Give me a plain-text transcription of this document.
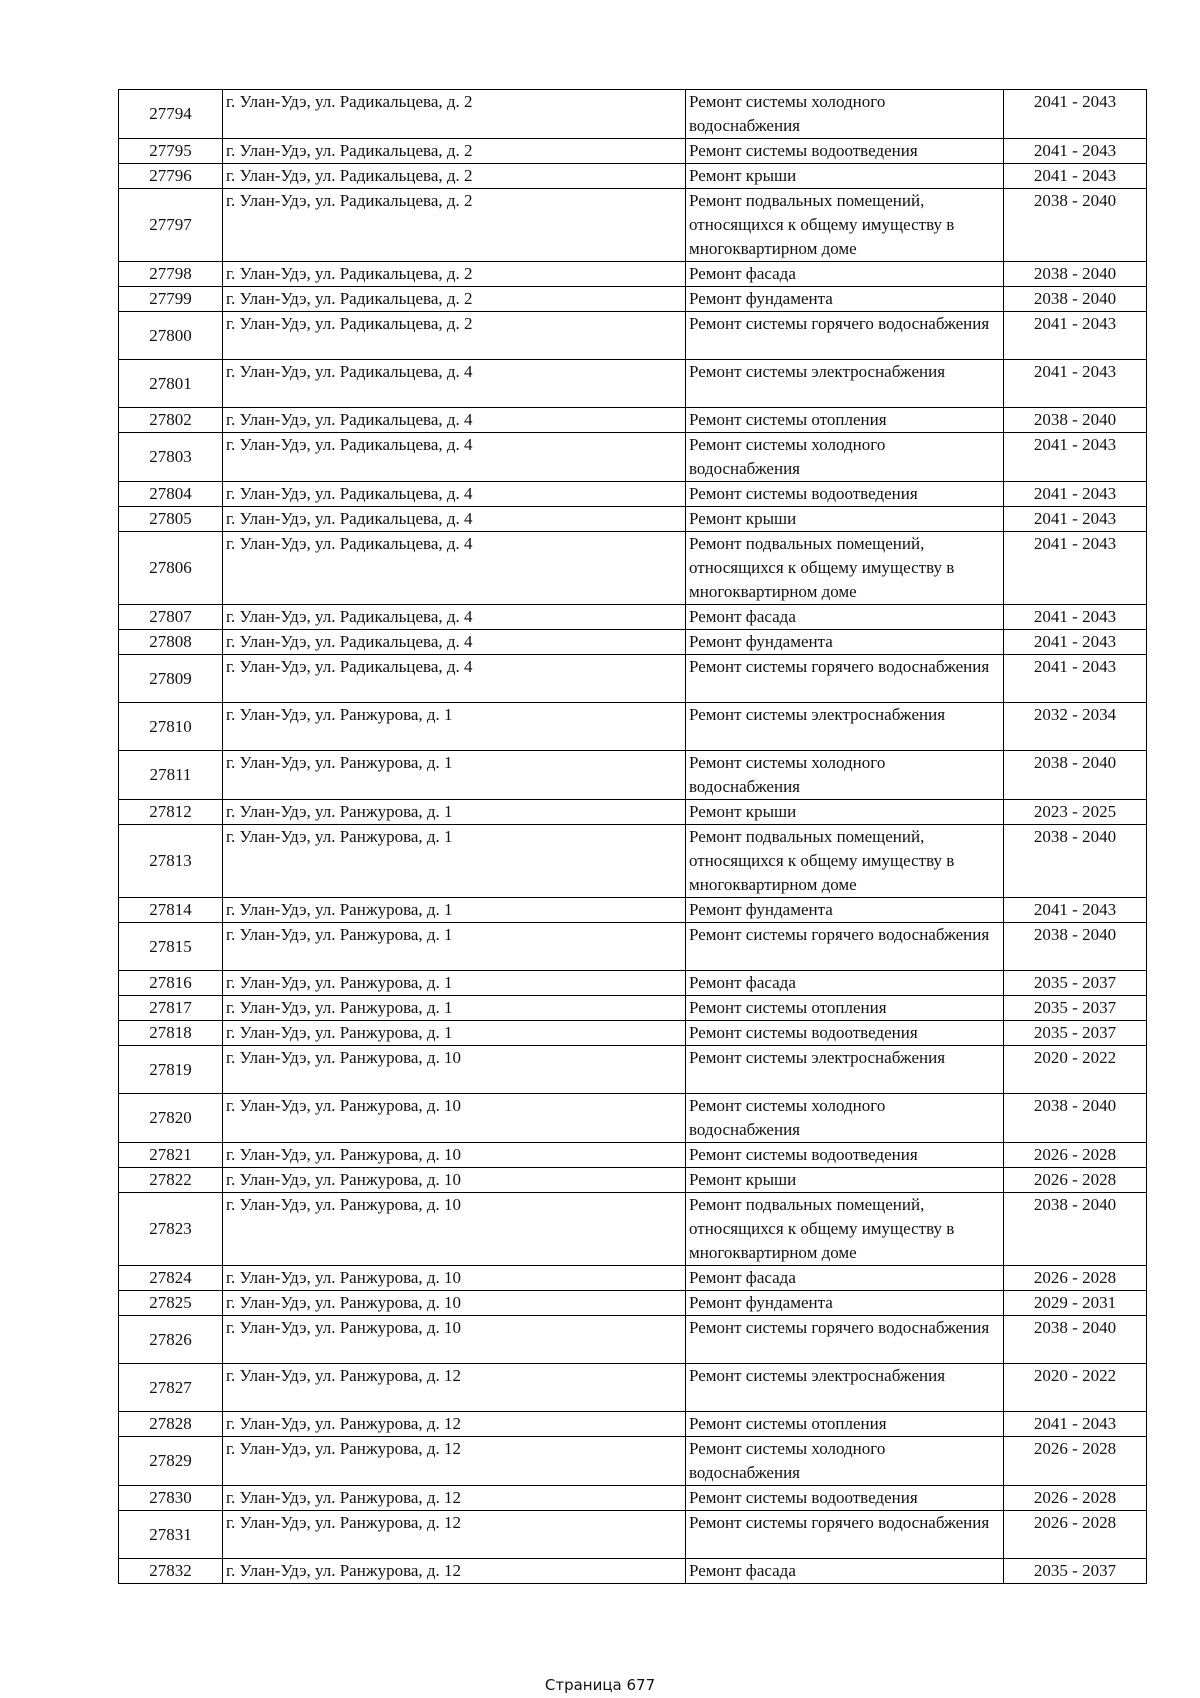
27794	г. Улан-Удэ, ул. Радикальцева, д. 2	Ремонт системы холодного водоснабжения	2041 - 2043
27795	г. Улан-Удэ, ул. Радикальцева, д. 2	Ремонт системы водоотведения	2041 - 2043
27796	г. Улан-Удэ, ул. Радикальцева, д. 2	Ремонт крыши	2041 - 2043
27797	г. Улан-Удэ, ул. Радикальцева, д. 2	Ремонт подвальных помещений, относящихся к общему имуществу в многоквартирном доме	2038 - 2040
27798	г. Улан-Удэ, ул. Радикальцева, д. 2	Ремонт фасада	2038 - 2040
27799	г. Улан-Удэ, ул. Радикальцева, д. 2	Ремонт фундамента	2038 - 2040
27800	г. Улан-Удэ, ул. Радикальцева, д. 2	Ремонт системы горячего водоснабжения	2041 - 2043
27801	г. Улан-Удэ, ул. Радикальцева, д. 4	Ремонт системы электроснабжения	2041 - 2043
27802	г. Улан-Удэ, ул. Радикальцева, д. 4	Ремонт системы отопления	2038 - 2040
27803	г. Улан-Удэ, ул. Радикальцева, д. 4	Ремонт системы холодного водоснабжения	2041 - 2043
27804	г. Улан-Удэ, ул. Радикальцева, д. 4	Ремонт системы водоотведения	2041 - 2043
27805	г. Улан-Удэ, ул. Радикальцева, д. 4	Ремонт крыши	2041 - 2043
27806	г. Улан-Удэ, ул. Радикальцева, д. 4	Ремонт подвальных помещений, относящихся к общему имуществу в многоквартирном доме	2041 - 2043
27807	г. Улан-Удэ, ул. Радикальцева, д. 4	Ремонт фасада	2041 - 2043
27808	г. Улан-Удэ, ул. Радикальцева, д. 4	Ремонт фундамента	2041 - 2043
27809	г. Улан-Удэ, ул. Радикальцева, д. 4	Ремонт системы горячего водоснабжения	2041 - 2043
27810	г. Улан-Удэ, ул. Ранжурова, д. 1	Ремонт системы электроснабжения	2032 - 2034
27811	г. Улан-Удэ, ул. Ранжурова, д. 1	Ремонт системы холодного водоснабжения	2038 - 2040
27812	г. Улан-Удэ, ул. Ранжурова, д. 1	Ремонт крыши	2023 - 2025
27813	г. Улан-Удэ, ул. Ранжурова, д. 1	Ремонт подвальных помещений, относящихся к общему имуществу в многоквартирном доме	2038 - 2040
27814	г. Улан-Удэ, ул. Ранжурова, д. 1	Ремонт фундамента	2041 - 2043
27815	г. Улан-Удэ, ул. Ранжурова, д. 1	Ремонт системы горячего водоснабжения	2038 - 2040
27816	г. Улан-Удэ, ул. Ранжурова, д. 1	Ремонт фасада	2035 - 2037
27817	г. Улан-Удэ, ул. Ранжурова, д. 1	Ремонт системы отопления	2035 - 2037
27818	г. Улан-Удэ, ул. Ранжурова, д. 1	Ремонт системы водоотведения	2035 - 2037
27819	г. Улан-Удэ, ул. Ранжурова, д. 10	Ремонт системы электроснабжения	2020 - 2022
27820	г. Улан-Удэ, ул. Ранжурова, д. 10	Ремонт системы холодного водоснабжения	2038 - 2040
27821	г. Улан-Удэ, ул. Ранжурова, д. 10	Ремонт системы водоотведения	2026 - 2028
27822	г. Улан-Удэ, ул. Ранжурова, д. 10	Ремонт крыши	2026 - 2028
27823	г. Улан-Удэ, ул. Ранжурова, д. 10	Ремонт подвальных помещений, относящихся к общему имуществу в многоквартирном доме	2038 - 2040
27824	г. Улан-Удэ, ул. Ранжурова, д. 10	Ремонт фасада	2026 - 2028
27825	г. Улан-Удэ, ул. Ранжурова, д. 10	Ремонт фундамента	2029 - 2031
27826	г. Улан-Удэ, ул. Ранжурова, д. 10	Ремонт системы горячего водоснабжения	2038 - 2040
27827	г. Улан-Удэ, ул. Ранжурова, д. 12	Ремонт системы электроснабжения	2020 - 2022
27828	г. Улан-Удэ, ул. Ранжурова, д. 12	Ремонт системы отопления	2041 - 2043
27829	г. Улан-Удэ, ул. Ранжурова, д. 12	Ремонт системы холодного водоснабжения	2026 - 2028
27830	г. Улан-Удэ, ул. Ранжурова, д. 12	Ремонт системы водоотведения	2026 - 2028
27831	г. Улан-Удэ, ул. Ранжурова, д. 12	Ремонт системы горячего водоснабжения	2026 - 2028
27832	г. Улан-Удэ, ул. Ранжурова, д. 12	Ремонт фасада	2035 - 2037
Страница 677
